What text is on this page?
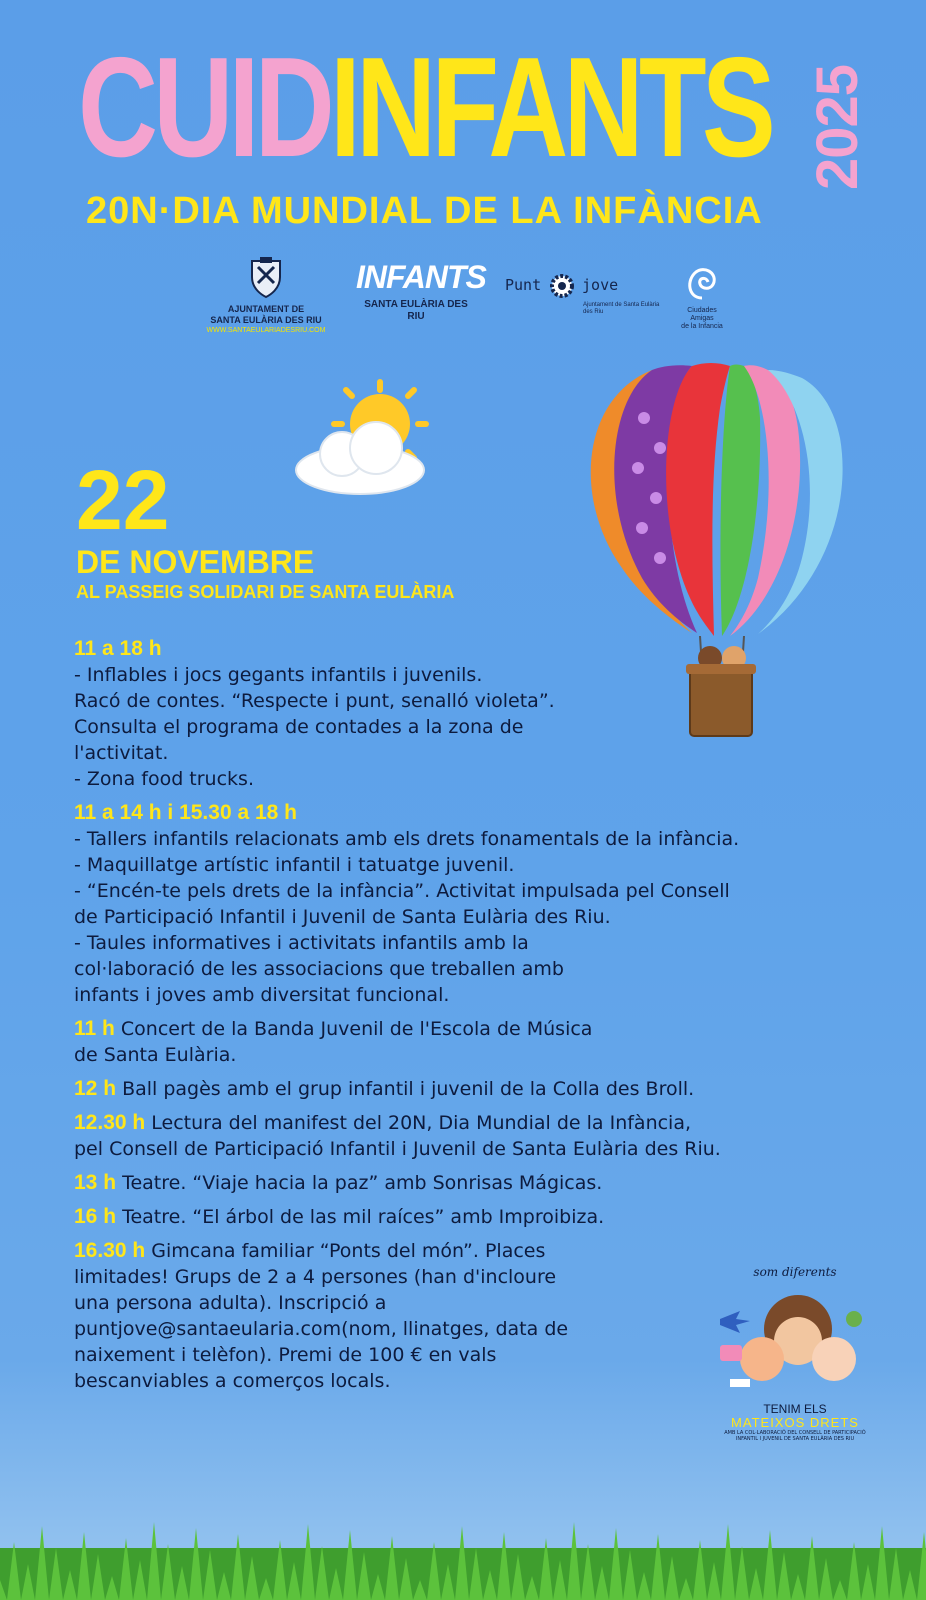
CUIDINFANTS 2025
20N·DIA MUNDIAL DE LA INFÀNCIA
AJUNTAMENT DE
SANTA EULÀRIA DES RIU
WWW.SANTAEULARIADESRIU.COM
INFANTS
SANTA EULÀRIA DES RIU
Punt	jove
Ajuntament de Santa Eulària des Riu	Ciudades
Amigas
de la Infancia
22
DE NOVEMBRE
AL PASSEIG SOLIDARI DE SANTA EULÀRIA
11 a 18 h
- Inflables i jocs gegants infantils i juvenils.
Racó de contes. “Respecte i punt, senalló violeta”.
Consulta el programa de contades a la zona de
l'activitat.
- Zona food trucks.
11 a 14 h i 15.30 a 18 h
- Tallers infantils relacionats amb els drets fonamentals de la infància.
- Maquillatge artístic infantil i tatuatge juvenil.
- “Encén-te pels drets de la infància”. Activitat impulsada pel Consell
de Participació Infantil i Juvenil de Santa Eulària des Riu.
- Taules informatives i activitats infantils amb la
col·laboració de les associacions que treballen amb
infants i joves amb diversitat funcional.
11 h Concert de la Banda Juvenil de l'Escola de Música
de Santa Eulària.
12 h Ball pagès amb el grup infantil i juvenil de la Colla des Broll.
12.30 h Lectura del manifest del 20N, Dia Mundial de la Infància,
pel Consell de Participació Infantil i Juvenil de Santa Eulària des Riu.
13 h Teatre. “Viaje hacia la paz” amb Sonrisas Mágicas.
16 h Teatre. “El árbol de las mil raíces” amb Improibiza.
16.30 h Gimcana familiar “Ponts del món”. Places
limitades! Grups de 2 a 4 persones (han d'incloure
una persona adulta). Inscripció a
puntjove@santaeularia.com(nom, llinatges, data de
naixement i telèfon). Premi de 100 € en vals
bescanviables a comerços locals.
som diferents
TENIM ELS
MATEIXOS DRETS
AMB LA COL·LABORACIÓ DEL CONSELL DE PARTICIPACIÓ
INFANTIL I JUVENIL DE SANTA EULÀRIA DES RIU
